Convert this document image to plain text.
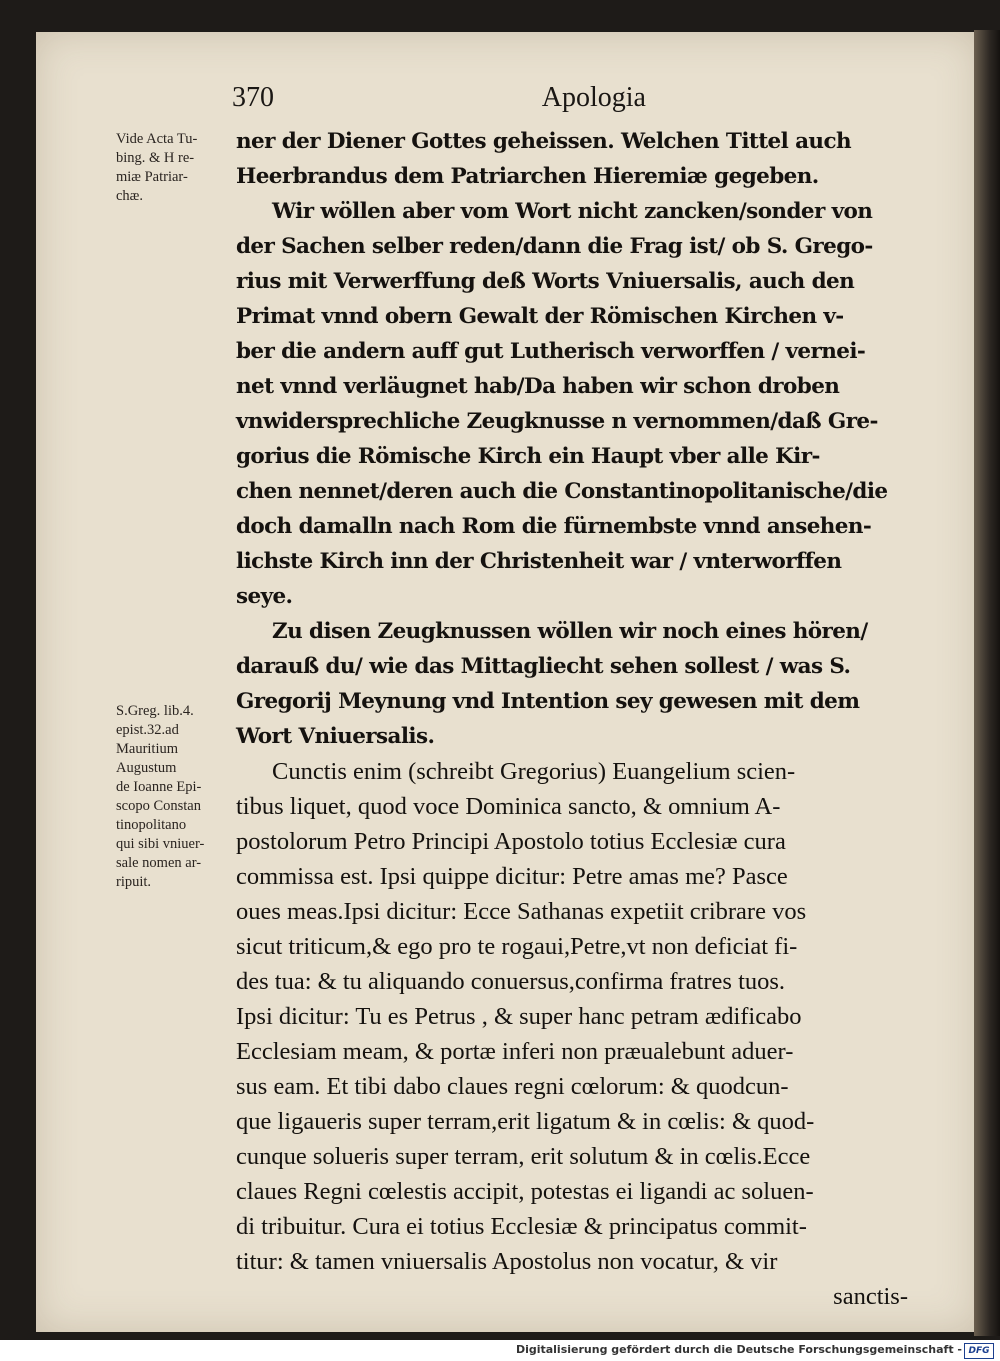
370	Apologia
Vide Acta Tu-
bing. & H re-
miæ Patriar-
chæ.
S.Greg. lib.4.
epist.32.ad
Mauritium
Augustum
de Ioanne Epi-
scopo Constan
tinopolitano
qui sibi vniuer-
sale nomen ar-
ripuit.
ner der Diener Gottes geheissen. Welchen Tittel auch
Heerbrandus dem Patriarchen Hieremiæ gegeben.
Wir wöllen aber vom Wort nicht zancken/sonder von
der Sachen selber reden/dann die Frag ist/ ob S. Grego-
rius mit Verwerffung deß Worts Vniuersalis, auch den
Primat vnnd obern Gewalt der Römischen Kirchen v-
ber die andern auff gut Lutherisch verworffen / vernei-
net vnnd verläugnet hab/Da haben wir schon droben
vnwidersprechliche Zeugknusse n vernommen/daß Gre-
gorius die Römische Kirch ein Haupt vber alle Kir-
chen nennet/deren auch die Constantinopolitanische/die
doch damalln nach Rom die fürnembste vnnd ansehen-
lichste Kirch inn der Christenheit war / vnterworffen
seye.
Zu disen Zeugknussen wöllen wir noch eines hören/
darauß du/ wie das Mittagliecht sehen sollest / was S.
Gregorij Meynung vnd Intention sey gewesen mit dem
Wort Vniuersalis.
Cunctis enim (schreibt Gregorius) Euangelium scien-
tibus liquet, quod voce Dominica sancto, & omnium A-
postolorum Petro Principi Apostolo totius Ecclesiæ cura
commissa est. Ipsi quippe dicitur: Petre amas me? Pasce
oues meas.Ipsi dicitur: Ecce Sathanas expetiit cribrare vos
sicut triticum,& ego pro te rogaui,Petre,vt non deficiat fi-
des tua: & tu aliquando conuersus,confirma fratres tuos.
Ipsi dicitur: Tu es Petrus , & super hanc petram ædificabo
Ecclesiam meam, & portæ inferi non præualebunt aduer-
sus eam. Et tibi dabo claues regni cœlorum: & quodcun-
que ligaueris super terram,erit ligatum & in cœlis: & quod-
cunque solueris super terram, erit solutum & in cœlis.Ecce
claues Regni cœlestis accipit, potestas ei ligandi ac soluen-
di tribuitur. Cura ei totius Ecclesiæ & principatus commit-
titur: & tamen vniuersalis Apostolus non vocatur, & vir
sanctis-
Digitalisierung gefördert durch die Deutsche Forschungsgemeinschaft - DFG
